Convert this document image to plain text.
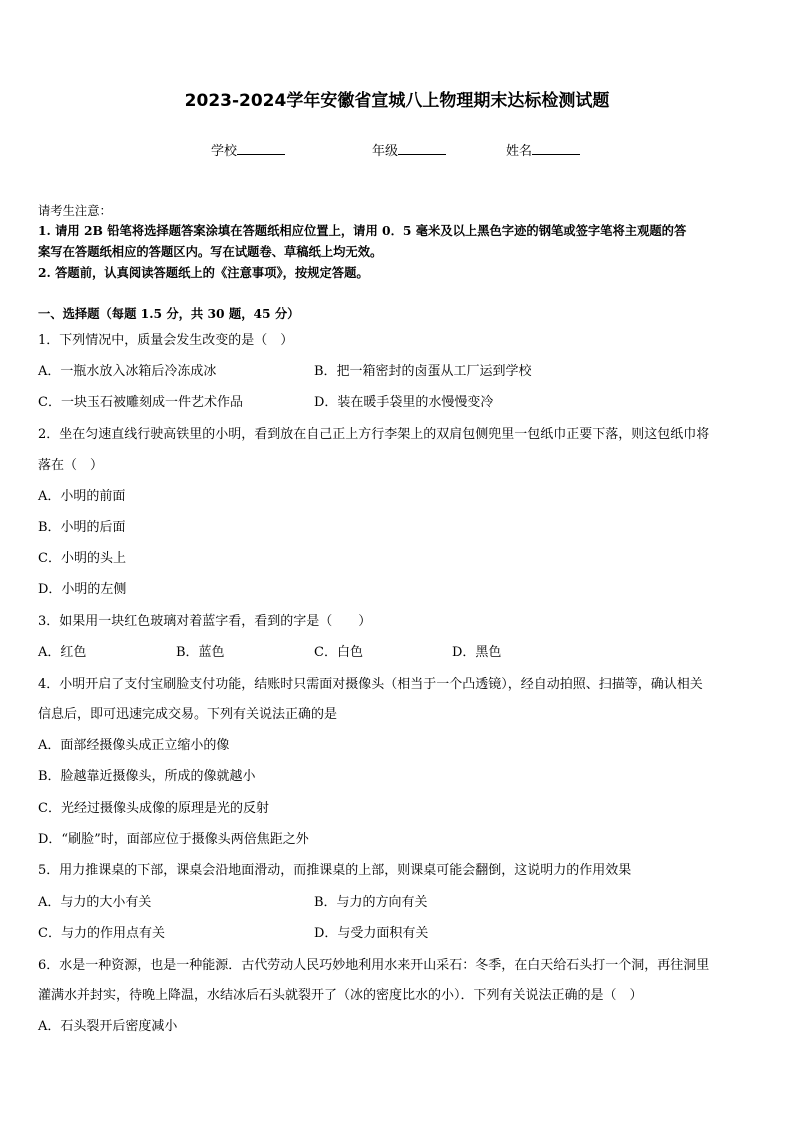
2023-2024学年安徽省宣城八上物理期末达标检测试题
学校	年级	姓名
请考生注意：
1. 请用 2B 铅笔将选择题答案涂填在答题纸相应位置上，请用 0．5 毫米及以上黑色字迹的钢笔或签字笔将主观题的答
案写在答题纸相应的答题区内。写在试题卷、草稿纸上均无效。
2. 答题前，认真阅读答题纸上的《注意事项》，按规定答题。
一、选择题（每题 1.5 分，共 30 题，45 分）
1．下列情况中，质量会发生改变的是（　）
A．一瓶水放入冰箱后冷冻成冰	B．把一箱密封的卤蛋从工厂运到学校
C．一块玉石被雕刻成一件艺术作品	D．装在暖手袋里的水慢慢变冷
2．坐在匀速直线行驶高铁里的小明，看到放在自己正上方行李架上的双肩包侧兜里一包纸巾正要下落，则这包纸巾将
落在（　）
A．小明的前面
B．小明的后面
C．小明的头上
D．小明的左侧
3．如果用一块红色玻璃对着蓝字看，看到的字是（　　）
A．红色	B．蓝色	C．白色	D．黑色
4．小明开启了支付宝刷脸支付功能，结账时只需面对摄像头（相当于一个凸透镜），经自动拍照、扫描等，确认相关
信息后，即可迅速完成交易。下列有关说法正确的是
A．面部经摄像头成正立缩小的像
B．脸越靠近摄像头，所成的像就越小
C．光经过摄像头成像的原理是光的反射
D．“刷脸”时，面部应位于摄像头两倍焦距之外
5．用力推课桌的下部，课桌会沿地面滑动，而推课桌的上部，则课桌可能会翻倒，这说明力的作用效果
A．与力的大小有关	B．与力的方向有关
C．与力的作用点有关	D．与受力面积有关
6．水是一种资源，也是一种能源．古代劳动人民巧妙地利用水来开山采石：冬季，在白天给石头打一个洞，再往洞里
灌满水并封实，待晚上降温，水结冰后石头就裂开了（冰的密度比水的小）．下列有关说法正确的是（　）
A．石头裂开后密度减小
